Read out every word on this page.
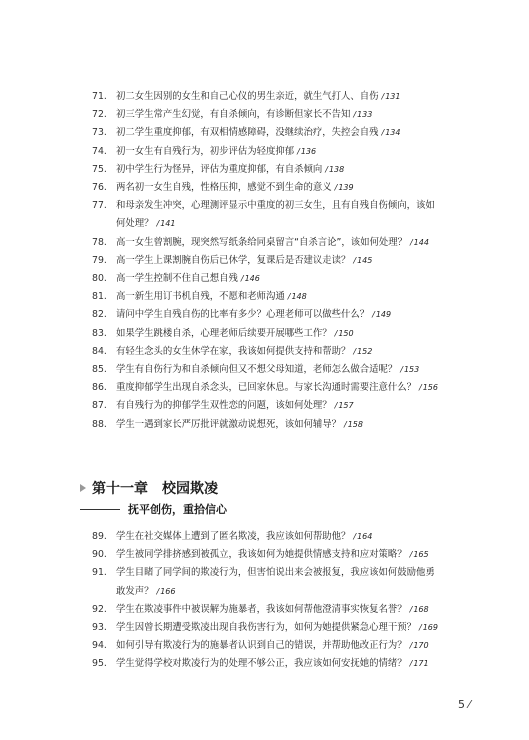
71. 初二女生因别的女生和自己心仪的男生亲近，就生气打人、自伤 / 131
72. 初三学生常产生幻觉，有自杀倾向，有诊断但家长不告知 / 133
73. 初二学生重度抑郁，有双相情感障碍，没继续治疗，失控会自残 / 134
74. 初一女生有自残行为，初步评估为轻度抑郁 / 136
75. 初中学生行为怪异，评估为重度抑郁，有自杀倾向 / 138
76. 两名初一女生自残，性格压抑，感觉不到生命的意义 / 139
77. 和母亲发生冲突，心理测评显示中重度的初三女生，且有自残自伤倾向，该如
何处理？ / 141
78. 高一女生曾割腕，现突然写纸条给同桌留言“自杀言论”，该如何处理？ / 144
79. 高一学生上课割腕自伤后已休学，复课后是否建议走读？ / 145
80. 高一学生控制不住自己想自残 / 146
81. 高一新生用订书机自残，不愿和老师沟通 / 148
82. 请问中学生自残自伤的比率有多少？心理老师可以做些什么？ / 149
83. 如果学生跳楼自杀，心理老师后续要开展哪些工作？ / 150
84. 有轻生念头的女生休学在家，我该如何提供支持和帮助？ / 152
85. 学生有自伤行为和自杀倾向但又不想父母知道，老师怎么做合适呢？ / 153
86. 重度抑郁学生出现自杀念头，已回家休息。与家长沟通时需要注意什么？ / 156
87. 有自残行为的抑郁学生双性恋的问题，该如何处理？ / 157
88. 学生一遇到家长严厉批评就激动说想死，该如何辅导？ / 158
第十一章 校园欺凌
抚平创伤，重拾信心
89. 学生在社交媒体上遭到了匿名欺凌，我应该如何帮助他？ / 164
90. 学生被同学排挤感到被孤立，我该如何为她提供情感支持和应对策略？ / 165
91. 学生目睹了同学间的欺凌行为，但害怕说出来会被报复，我应该如何鼓励他勇
敢发声？ / 166
92. 学生在欺凌事件中被误解为施暴者，我该如何帮他澄清事实恢复名誉？ / 168
93. 学生因曾长期遭受欺凌出现自我伤害行为，如何为她提供紧急心理干预？ / 169
94. 如何引导有欺凌行为的施暴者认识到自己的错误，并帮助他改正行为？ / 170
95. 学生觉得学校对欺凌行为的处理不够公正，我应该如何安抚她的情绪？ / 171
5 ⁄
